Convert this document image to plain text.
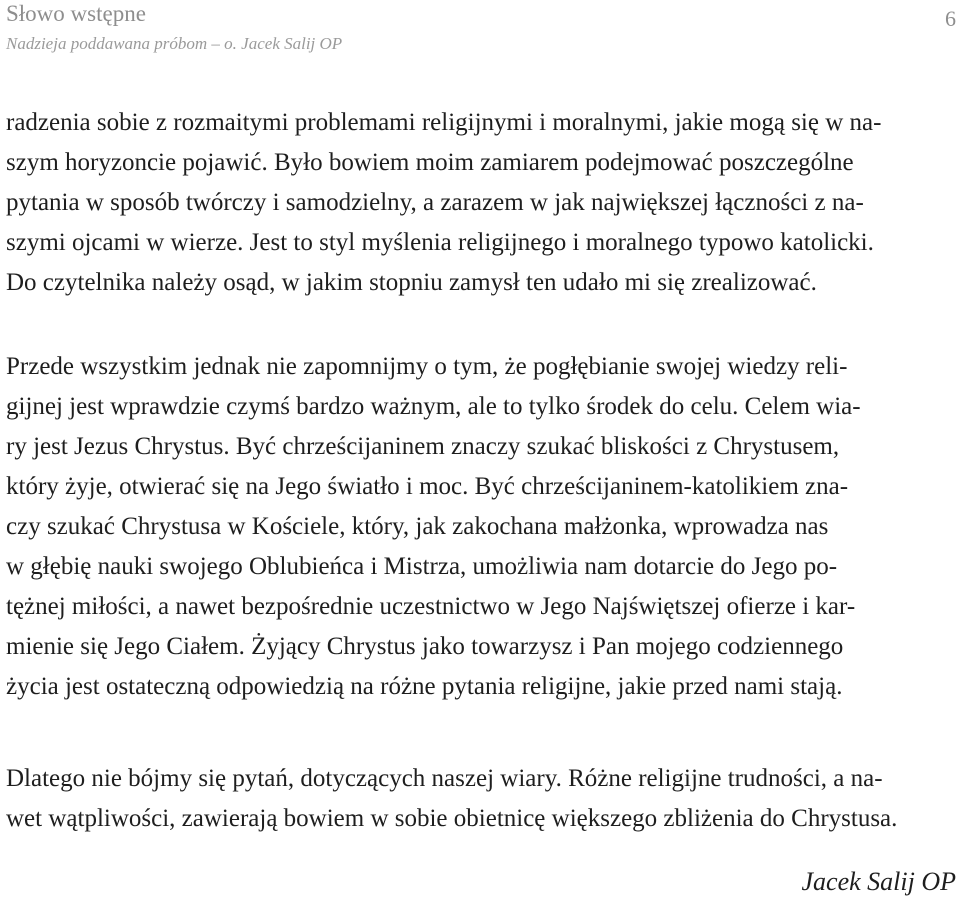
Słowo wstępne
Nadzieja poddawana próbom – o. Jacek Salij OP
6
radzenia sobie z rozmaitymi problemami religijnymi i moralnymi, jakie mogą się w na-
szym horyzoncie pojawić. Było bowiem moim zamiarem podejmować poszczególne
pytania w sposób twórczy i samodzielny, a zarazem w jak największej łączności z na-
szymi ojcami w wierze. Jest to styl myślenia religijnego i moralnego typowo katolicki.
Do czytelnika należy osąd, w jakim stopniu zamysł ten udało mi się zrealizować.
Przede wszystkim jednak nie zapomnijmy o tym, że pogłębianie swojej wiedzy reli-
gijnej jest wprawdzie czymś bardzo ważnym, ale to tylko środek do celu. Celem wia-
ry jest Jezus Chrystus. Być chrześcijaninem znaczy szukać bliskości z Chrystusem,
który żyje, otwierać się na Jego światło i moc. Być chrześcijaninem-katolikiem zna-
czy szukać Chrystusa w Kościele, który, jak zakochana małżonka, wprowadza nas
w głębię nauki swojego Oblubieńca i Mistrza, umożliwia nam dotarcie do Jego po-
tężnej miłości, a nawet bezpośrednie uczestnictwo w Jego Najświętszej ofierze i kar-
mienie się Jego Ciałem. Żyjący Chrystus jako towarzysz i Pan mojego codziennego
życia jest ostateczną odpowiedzią na różne pytania religijne, jakie przed nami stają.
Dlatego nie bójmy się pytań, dotyczących naszej wiary. Różne religijne trudności, a na-
wet wątpliwości, zawierają bowiem w sobie obietnicę większego zbliżenia do Chrystusa.
Jacek Salij OP
